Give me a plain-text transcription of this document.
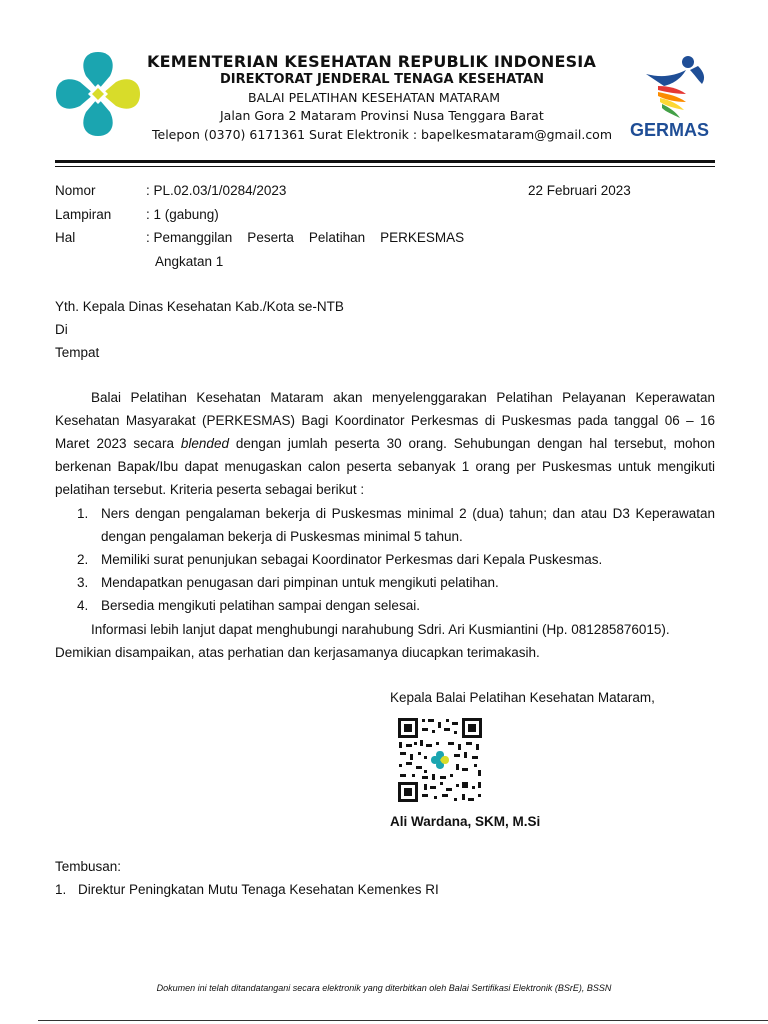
KEMENTERIAN KESEHATAN REPUBLIK INDONESIA
DIREKTORAT JENDERAL TENAGA KESEHATAN
BALAI PELATIHAN KESEHATAN MATARAM
Jalan Gora 2 Mataram Provinsi Nusa Tenggara Barat
Telepon (0370) 6171361 Surat Elektronik : bapelkesmataram@gmail.com GERMAS
Nomor	: PL.02.03/1/0284/2023	22 Februari 2023
Lampiran	: 1 (gabung)
Hal	: Pemanggilan    Peserta    Pelatihan    PERKESMAS
Angkatan 1
Yth. Kepala Dinas Kesehatan Kab./Kota se-NTB
Di
Tempat
Balai Pelatihan Kesehatan Mataram akan menyelenggarakan Pelatihan Pelayanan Keperawatan Kesehatan Masyarakat (PERKESMAS) Bagi Koordinator Perkesmas di Puskesmas pada tanggal 06 – 16 Maret 2023 secara blended dengan jumlah peserta 30 orang. Sehubungan dengan hal tersebut, mohon berkenan Bapak/Ibu dapat menugaskan calon peserta sebanyak 1 orang per Puskesmas untuk mengikuti pelatihan tersebut. Kriteria peserta sebagai berikut :
1. Ners dengan pengalaman bekerja di Puskesmas minimal 2 (dua) tahun; dan atau D3 Keperawatan dengan pengalaman bekerja di Puskesmas minimal 5 tahun.
2. Memiliki surat penunjukan sebagai Koordinator Perkesmas dari Kepala Puskesmas.
3. Mendapatkan penugasan dari pimpinan untuk mengikuti pelatihan.
4. Bersedia mengikuti pelatihan sampai dengan selesai.
Informasi lebih lanjut dapat menghubungi narahubung Sdri. Ari Kusmiantini (Hp. 081285876015).
Demikian disampaikan, atas perhatian dan kerjasamanya diucapkan terimakasih.
Kepala Balai Pelatihan Kesehatan Mataram,
Ali Wardana, SKM, M.Si
Tembusan:
1. Direktur Peningkatan Mutu Tenaga Kesehatan Kemenkes RI
Dokumen ini telah ditandatangani secara elektronik yang diterbitkan oleh Balai Sertifikasi Elektronik (BSrE), BSSN
